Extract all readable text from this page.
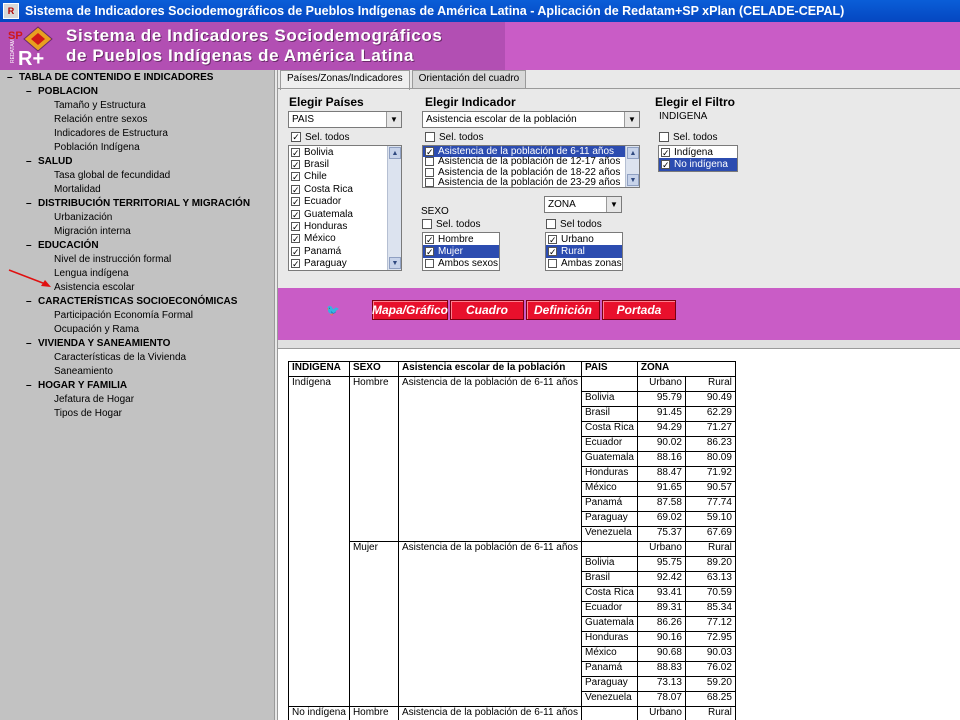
R Sistema de Indicadores Sociodemográficos de Pueblos Indígenas de América Latina - Aplicación de Redatam+SP xPlan (CELADE-CEPAL)
SP
R+
REDATAM
Sistema de Indicadores Sociodemográficos
de Pueblos Indígenas de América Latina
– TABLA DE CONTENIDO E INDICADORES
– POBLACION
Tamaño y Estructura
Relación entre sexos
Indicadores de Estructura
Población Indígena
– SALUD
Tasa global de fecundidad
Mortalidad
– DISTRIBUCIÓN TERRITORIAL Y MIGRACIÓN
Urbanización
Migración interna
– EDUCACIÓN
Nivel de instrucción formal
Lengua indígena
Asistencia escolar
– CARACTERÍSTICAS SOCIOECONÓMICAS
Participación Economía Formal
Ocupación y Rama
– VIVIENDA Y SANEAMIENTO
Características de la Vivienda
Saneamiento
– HOGAR Y FAMILIA
Jefatura de Hogar
Tipos de Hogar
Países/Zonas/Indicadores	Orientación del cuadro
Elegir Países
PAIS	▼
✓ Sel. todos
✓ Bolivia
✓ Brasil
✓ Chile
✓ Costa Rica
✓ Ecuador
✓ Guatemala
✓ Honduras
✓ México
✓ Panamá
✓ Paraguay
▲
▼
Elegir Indicador
Asistencia escolar de la población	▼
Sel. todos
✓ Asistencia de la población de 6-11 años
Asistencia de la población de 12-17 años
Asistencia de la población de 18-22 años
Asistencia de la población de 23-29 años
▲
▼
Elegir el Filtro
INDIGENA
Sel. todos
✓ Indígena
✓ No indígena
SEXO
Sel. todos
✓ Hombre
✓ Mujer
Ambos sexos
ZONA	▼
Sel todos
✓ Urbano
✓ Rural
Ambas zonas
🐦	Mapa/Gráfico	Cuadro	Definición	Portada
INDIGENA	SEXO	Asistencia escolar de la población	PAIS	ZONA	
Indígena	Hombre	Asistencia de la población de 6-11 años		Urbano	Rural
			Bolivia	95.79	90.49
			Brasil	91.45	62.29
			Costa Rica	94.29	71.27
			Ecuador	90.02	86.23
			Guatemala	88.16	80.09
			Honduras	88.47	71.92
			México	91.65	90.57
			Panamá	87.58	77.74
			Paraguay	69.02	59.10
			Venezuela	75.37	67.69
	Mujer	Asistencia de la población de 6-11 años		Urbano	Rural
			Bolivia	95.75	89.20
			Brasil	92.42	63.13
			Costa Rica	93.41	70.59
			Ecuador	89.31	85.34
			Guatemala	86.26	77.12
			Honduras	90.16	72.95
			México	90.68	90.03
			Panamá	88.83	76.02
			Paraguay	73.13	59.20
			Venezuela	78.07	68.25
No indígena	Hombre	Asistencia de la población de 6-11 años		Urbano	Rural
